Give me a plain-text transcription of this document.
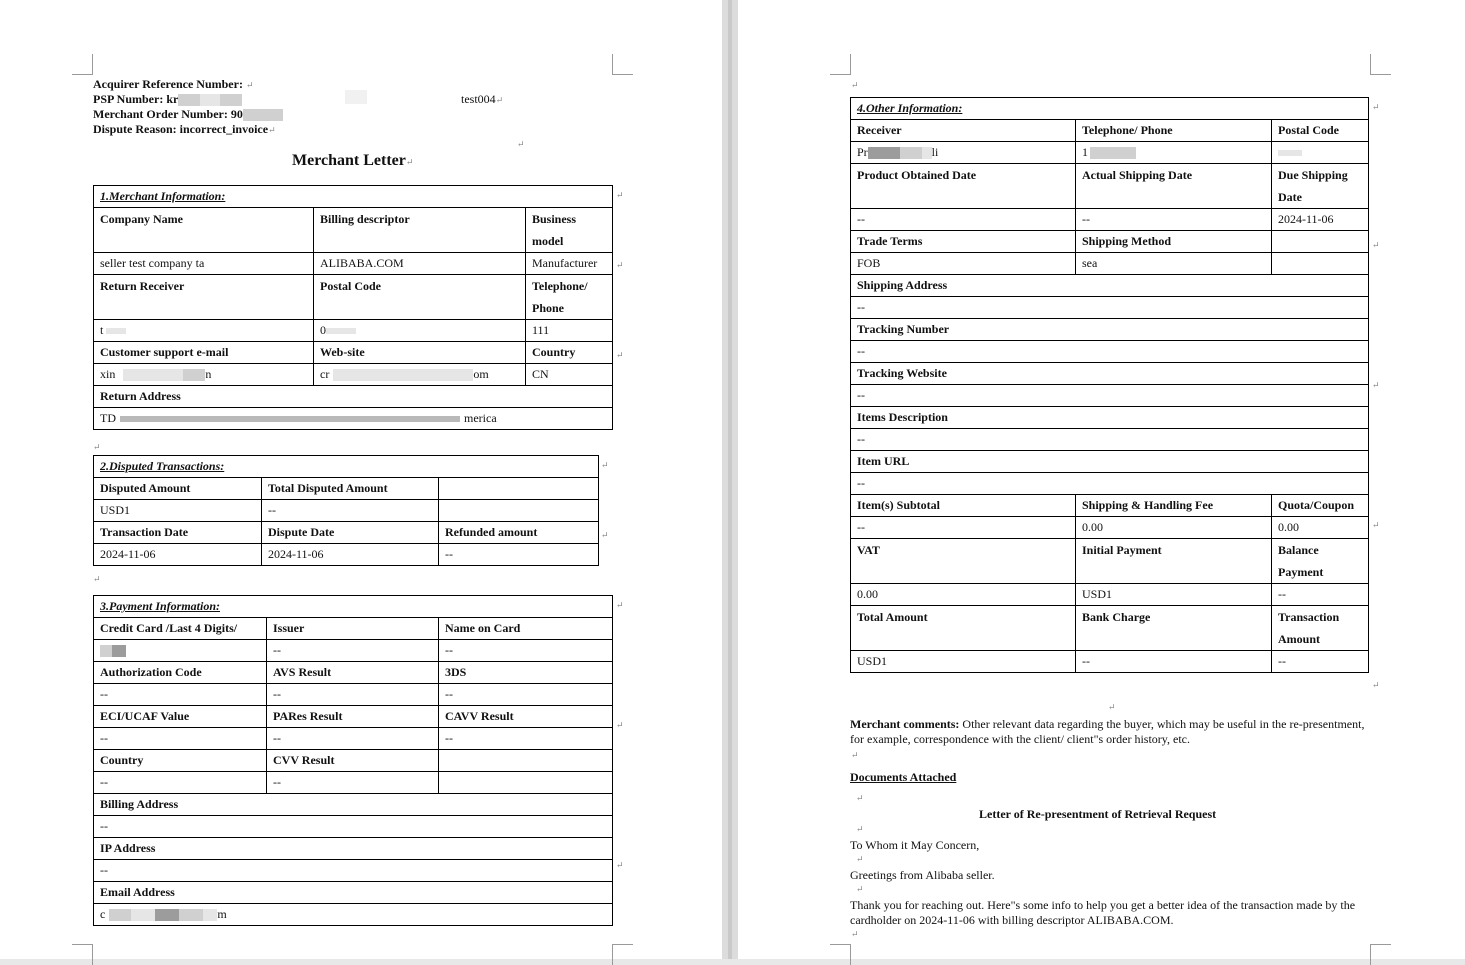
Acquirer Reference Number: ↵
PSP Number: kr
Merchant Order Number: 90
Dispute Reason: incorrect_invoice↵
test004↵
↵
Merchant Letter↵
1.Merchant Information:		
Company Name	Billing descriptor	Business model
seller test company ta	ALIBABA.COM	Manufacturer
Return Receiver	Postal Code	Telephone/ Phone
t	0	111
Customer support e-mail	Web-site	Country
xin n	cr om	CN
Return Address		
TD merica		
2.Disputed Transactions:		
Disputed Amount	Total Disputed Amount	
USD1	--	
Transaction Date	Dispute Date	Refunded amount
2024-11-06	2024-11-06	--
3.Payment Information:		
Credit Card /Last 4 Digits/	Issuer	Name on Card
	--	--
Authorization Code	AVS Result	3DS
--	--	--
ECI/UCAF Value	PARes Result	CAVV Result
--	--	--
Country	CVV Result	
--	--	
Billing Address		
--		
IP Address		
--		
Email Address		
c m		
↵
↵
↵
↵
↵
↵
↵
↵
↵
↵
↵
4.Other Information:		
Receiver	Telephone/ Phone	Postal Code
Pr li	1	
Product Obtained Date	Actual Shipping Date	Due Shipping Date
--	--	2024-11-06
Trade Terms	Shipping Method	
FOB	sea	
Shipping Address		
--		
Tracking Number		
--		
Tracking Website		
--		
Items Description		
--		
Item URL		
--		
Item(s) Subtotal	Shipping & Handling Fee	Quota/Coupon
--	0.00	0.00
VAT	Initial Payment	Balance Payment
0.00	USD1	--
Total Amount	Bank Charge	Transaction Amount
USD1	--	--
↵
↵
↵
↵
↵
↵
Merchant comments: Other relevant data regarding the buyer, which may be useful in the re-presentment, for example, correspondence with the client/ client"s order history, etc.
↵
Documents Attached
↵
Letter of Re-presentment of Retrieval Request
↵
To Whom it May Concern,
↵
Greetings from Alibaba seller.
↵
Thank you for reaching out. Here"s some info to help you get a better idea of the transaction made by the cardholder on 2024-11-06 with billing descriptor ALIBABA.COM.
↵
